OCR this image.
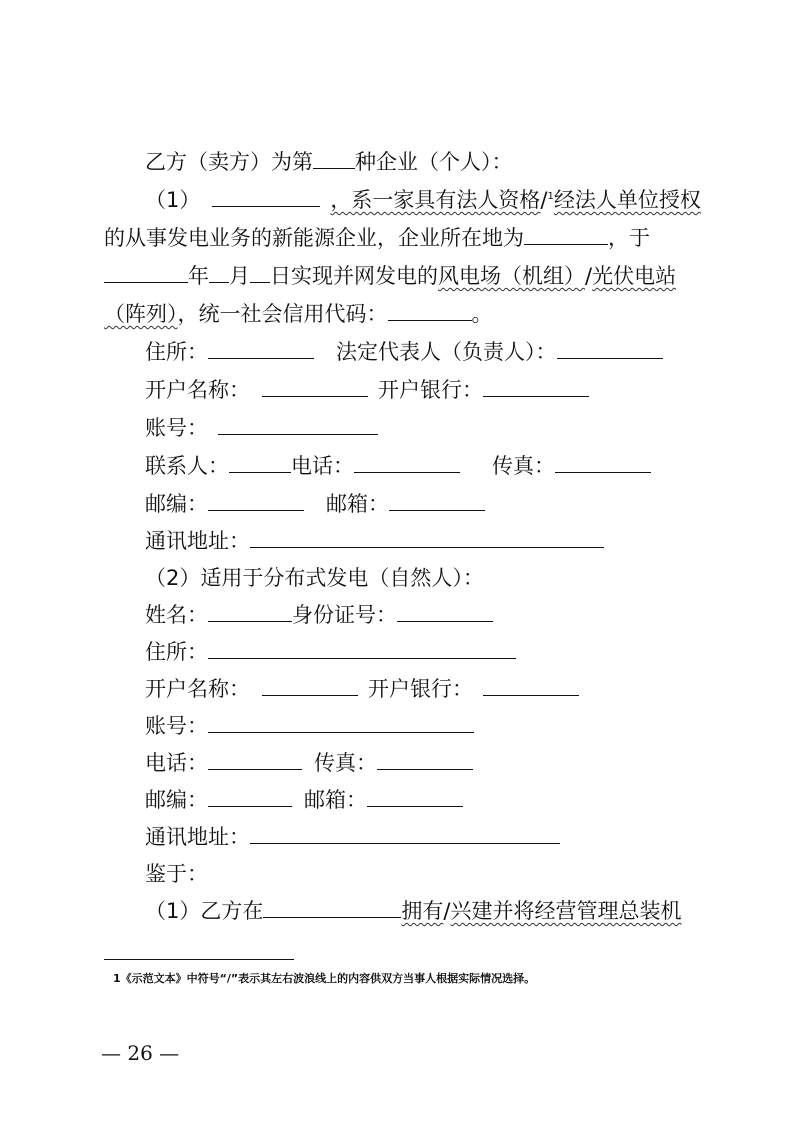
乙方（卖方）为第 种企业（个人）：
（1）	，系一家具有法人资格/$^1$经法人单位授权
的从事发电业务的新能源企业，企业所在地为	，于
年 月 日实现并网发电的风电场（机组）/光伏电站
（阵列），统一社会信用代码：	。
住所：	法定代表人（负责人）：
开户名称：	开户银行：
账号：
联系人：	电话：	传真：
邮编：	邮箱：
通讯地址：
（2）适用于分布式发电（自然人）：
姓名：	身份证号：
住所：
开户名称：	开户银行：
账号：
电话：	传真：
邮编：	邮箱：
通讯地址：
鉴于：
（1）乙方在	拥有/兴建并将经营管理总装机
1《示范文本》中符号“/”表示其左右波浪线上的内容供双方当事人根据实际情况选择。
— 26 —
